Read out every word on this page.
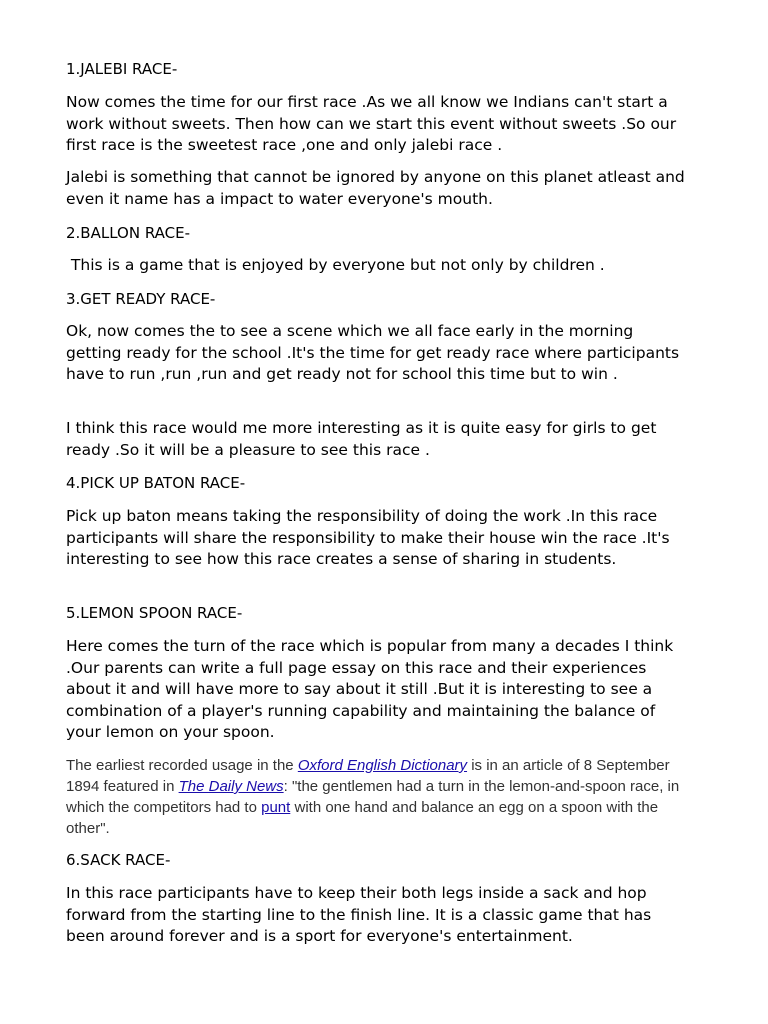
1.JALEBI RACE-

Now comes the time for our first race .As we all know we Indians can't start a work without sweets. Then how can we start this event without sweets .So our first race is the sweetest race ,one and only jalebi race .

Jalebi is something that cannot be ignored by anyone on this planet atleast and even it name has a impact to water everyone's mouth.

2.BALLON RACE-

This is a game that is enjoyed by everyone but not only by children .

3.GET READY RACE-

Ok, now comes the to see a scene which we all face early in the morning getting ready for the school .It's the time for get ready race where participants have to run ,run ,run and get ready not for school this time but to win .

I think this race would me more interesting as it is quite easy for girls to get ready .So it will be a pleasure to see this race .

4.PICK UP BATON RACE-

Pick up baton means taking the responsibility of doing the work .In this race participants will share the responsibility to make their house win the race .It's interesting to see how this race creates a sense of sharing in students.

5.LEMON SPOON RACE-

Here comes the turn of the race which is popular from many a decades I think .Our parents can write a full page essay on this race and their experiences about it and will have more to say about it still .But it is interesting to see a combination of a player's running capability and maintaining the balance of your lemon on your spoon.

The earliest recorded usage in the Oxford English Dictionary is in an article of 8 September 1894 featured in The Daily News: "the gentlemen had a turn in the lemon-and-spoon race, in which the competitors had to punt with one hand and balance an egg on a spoon with the other".

6.SACK RACE-

In this race participants have to keep their both legs inside a sack and hop forward from the starting line to the finish line. It is a classic game that has been around forever and is a sport for everyone's entertainment.
